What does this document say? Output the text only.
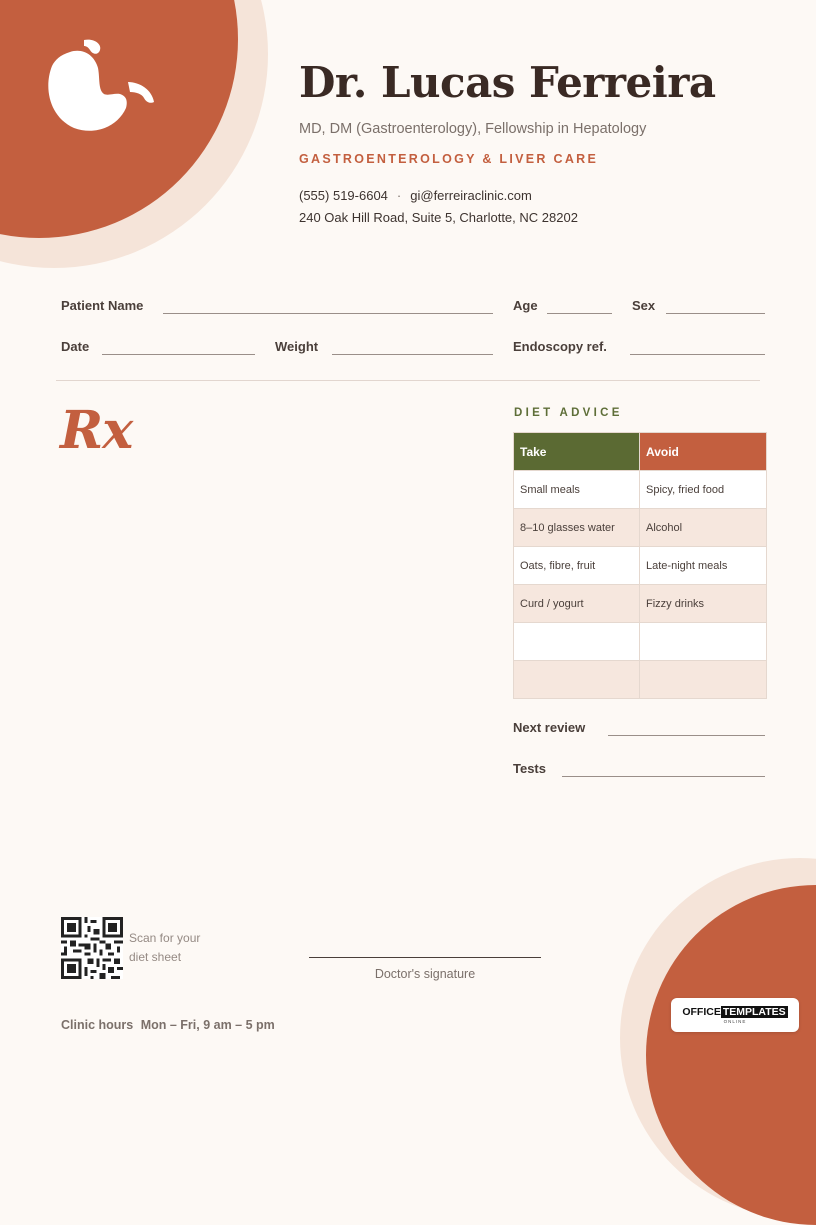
Dr. Lucas Ferreira
MD, DM (Gastroenterology), Fellowship in Hepatology
GASTROENTEROLOGY & LIVER CARE
(555) 519-6604 · gi@ferreiraclinic.com
240 Oak Hill Road, Suite 5, Charlotte, NC 28202
Patient Name	Age	Sex
Date	Weight	Endoscopy ref.
Rx	DIET ADVICE
Take	Avoid
Small meals	Spicy, fried food
8–10 glasses water	Alcohol
Oats, fibre, fruit	Late-night meals
Curd / yogurt	Fizzy drinks

Next review
Tests
Scan for your
diet sheet
Doctor's signature
Clinic hours Mon – Fri, 9 am – 5 pm
OFFICE TEMPLATES
ONLINE
